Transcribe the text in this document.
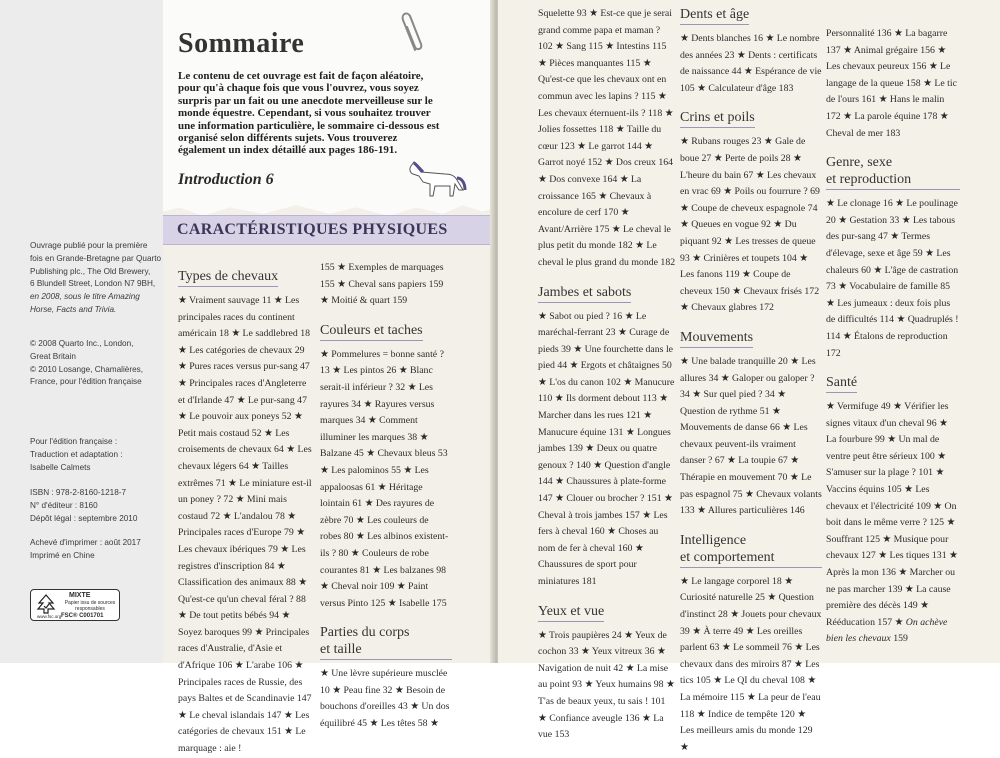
Ouvrage publié pour la première

fois en Grande-Bretagne par Quarto

Publishing plc., The Old Brewery,

6 Blundell Street, London N7 9BH,

en 2008, sous le titre Amazing

Horse, Facts and Trivia.

© 2008 Quarto Inc., London,

Great Britain

© 2010 Losange, Chamalières,

France, pour l'édition française

Pour l'édition française :

Traduction et adaptation :

Isabelle Calmets

ISBN : 978-2-8160-1218-7

N° d'éditeur : 8160

Dépôt légal : septembre 2010

Achevé d'imprimer : août 2017

Imprimé en Chine

MIXTE
Papier issu de sources responsables
FSC® C001701
www.fsc.org
Sommaire

Le contenu de cet ouvrage est fait de façon aléatoire, pour qu'à chaque fois que vous l'ouvrez, vous soyez surpris par un fait ou une anecdote merveilleuse sur le monde équestre. Cependant, si vous souhaitez trouver une information particulière, le sommaire ci-dessous est organisé selon différents sujets. Vous trouverez également un index détaillé aux pages 186-191.

Introduction 6

CARACTÉRISTIQUES PHYSIQUES
Types de chevaux

★ Vraiment sauvage 11 ★ Les principales races du continent américain 18 ★ Le saddlebred 18 ★ Les catégories de chevaux 29 ★ Pures races versus pur-sang 47 ★ Principales races d'Angleterre et d'Irlande 47 ★ Le pur-sang 47 ★ Le pouvoir aux poneys 52 ★ Petit mais costaud 52 ★ Les croisements de chevaux 64 ★ Les chevaux légers 64 ★ Tailles extrêmes 71 ★ Le miniature est-il un poney ? 72 ★ Mini mais costaud 72 ★ L'andalou 78 ★ Principales races d'Europe 79 ★ Les chevaux ibériques 79 ★ Les registres d'inscription 84 ★ Classification des animaux 88 ★ Qu'est-ce qu'un cheval féral ? 88 ★ De tout petits bébés 94 ★ Soyez baroques 99 ★ Principales races d'Australie, d'Asie et d'Afrique 106 ★ L'arabe 106 ★ Principales races de Russie, des pays Baltes et de Scandinavie 147 ★ Le cheval islandais 147 ★ Les catégories de chevaux 151 ★ Le marquage : aie !

155 ★ Exemples de marquages 155 ★ Cheval sans papiers 159 ★ Moitié & quart 159

Couleurs et taches

★ Pommelures = bonne santé ? 13 ★ Les pintos 26 ★ Blanc serait-il inférieur ? 32 ★ Les rayures 34 ★ Rayures versus marques 34 ★ Comment illuminer les marques 38 ★ Balzane 45 ★ Chevaux bleus 53 ★ Les palominos 55 ★ Les appaloosas 61 ★ Héritage lointain 61 ★ Des rayures de zèbre 70 ★ Les couleurs de robes 80 ★ Les albinos existent-ils ? 80 ★ Couleurs de robe courantes 81 ★ Les balzanes 98 ★ Cheval noir 109 ★ Paint versus Pinto 125 ★ Isabelle 175

Parties du corps
et taille

★ Une lèvre supérieure musclée 10 ★ Peau fine 32 ★ Besoin de bouchons d'oreilles 43 ★ Un dos équilibré 45 ★ Les têtes 58 ★

Squelette 93 ★ Est-ce que je serai grand comme papa et maman ? 102 ★ Sang 115 ★ Intestins 115 ★ Pièces manquantes 115 ★ Qu'est-ce que les chevaux ont en commun avec les lapins ? 115 ★ Les chevaux éternuent-ils ? 118 ★ Jolies fossettes 118 ★ Taille du cœur 123 ★ Le garrot 144 ★ Garrot noyé 152 ★ Dos creux 164 ★ Dos convexe 164 ★ La croissance 165 ★ Chevaux à encolure de cerf 170 ★ Avant/Arrière 175 ★ Le cheval le plus petit du monde 182 ★ Le cheval le plus grand du monde 182

Jambes et sabots

★ Sabot ou pied ? 16 ★ Le maréchal-ferrant 23 ★ Curage de pieds 39 ★ Une fourchette dans le pied 44 ★ Ergots et châtaignes 50 ★ L'os du canon 102 ★ Manucure 110 ★ Ils dorment debout 113 ★ Marcher dans les rues 121 ★ Manucure équine 131 ★ Longues jambes 139 ★ Deux ou quatre genoux ? 140 ★ Question d'angle 144 ★ Chaussures à plate-forme 147 ★ Clouer ou brocher ? 151 ★ Cheval à trois jambes 157 ★ Les fers à cheval 160 ★ Choses au nom de fer à cheval 160 ★ Chaussures de sport pour miniatures 181

Yeux et vue

★ Trois paupières 24 ★ Yeux de cochon 33 ★ Yeux vitreux 36 ★ Navigation de nuit 42 ★ La mise au point 93 ★ Yeux humains 98 ★ T'as de beaux yeux, tu sais ! 101 ★ Confiance aveugle 136 ★ La vue 153

Dents et âge

★ Dents blanches 16 ★ Le nombre des années 23 ★ Dents : certificats de naissance 44 ★ Espérance de vie 105 ★ Calculateur d'âge 183

Crins et poils

★ Rubans rouges 23 ★ Gale de boue 27 ★ Perte de poils 28 ★ L'heure du bain 67 ★ Les chevaux en vrac 69 ★ Poils ou fourrure ? 69 ★ Coupe de cheveux espagnole 74 ★ Queues en vogue 92 ★ Du piquant 92 ★ Les tresses de queue 93 ★ Crinières et toupets 104 ★ Les fanons 119 ★ Coupe de cheveux 150 ★ Chevaux frisés 172 ★ Chevaux glabres 172

Mouvements

★ Une balade tranquille 20 ★ Les allures 34 ★ Galoper ou galoper ? 34 ★ Sur quel pied ? 34 ★ Question de rythme 51 ★ Mouvements de danse 66 ★ Les chevaux peuvent-ils vraiment danser ? 67 ★ La toupie 67 ★ Thérapie en mouvement 70 ★ Le pas espagnol 75 ★ Chevaux volants 133 ★ Allures particulières 146

Intelligence
et comportement

★ Le langage corporel 18 ★ Curiosité naturelle 25 ★ Question d'instinct 28 ★ Jouets pour chevaux 39 ★ À terre 49 ★ Les oreilles parlent 63 ★ Le sommeil 76 ★ Les chevaux dans des miroirs 87 ★ Les tics 105 ★ Le QI du cheval 108 ★ La mémoire 115 ★ La peur de l'eau 118 ★ Indice de tempête 120 ★ Les meilleurs amis du monde 129 ★

Personnalité 136 ★ La bagarre 137 ★ Animal grégaire 156 ★ Les chevaux peureux 156 ★ Le langage de la queue 158 ★ Le tic de l'ours 161 ★ Hans le malin 172 ★ La parole équine 178 ★ Cheval de mer 183

Genre, sexe
et reproduction

★ Le clonage 16 ★ Le poulinage 20 ★ Gestation 33 ★ Les tabous des pur-sang 47 ★ Termes d'élevage, sexe et âge 59 ★ Les chaleurs 60 ★ L'âge de castration 73 ★ Vocabulaire de famille 85 ★ Les jumeaux : deux fois plus de difficultés 114 ★ Quadruplés ! 114 ★ Étalons de reproduction 172

Santé

★ Vermifuge 49 ★ Vérifier les signes vitaux d'un cheval 96 ★ La fourbure 99 ★ Un mal de ventre peut être sérieux 100 ★ S'amuser sur la plage ? 101 ★ Vaccins équins 105 ★ Les chevaux et l'électricité 109 ★ On boit dans le même verre ? 125 ★ Souffrant 125 ★ Musique pour chevaux 127 ★ Les tiques 131 ★ Après la mon 136 ★ Marcher ou ne pas marcher 139 ★ La cause première des décès 149 ★ Rééducation 157 ★ On achève bien les chevaux 159
